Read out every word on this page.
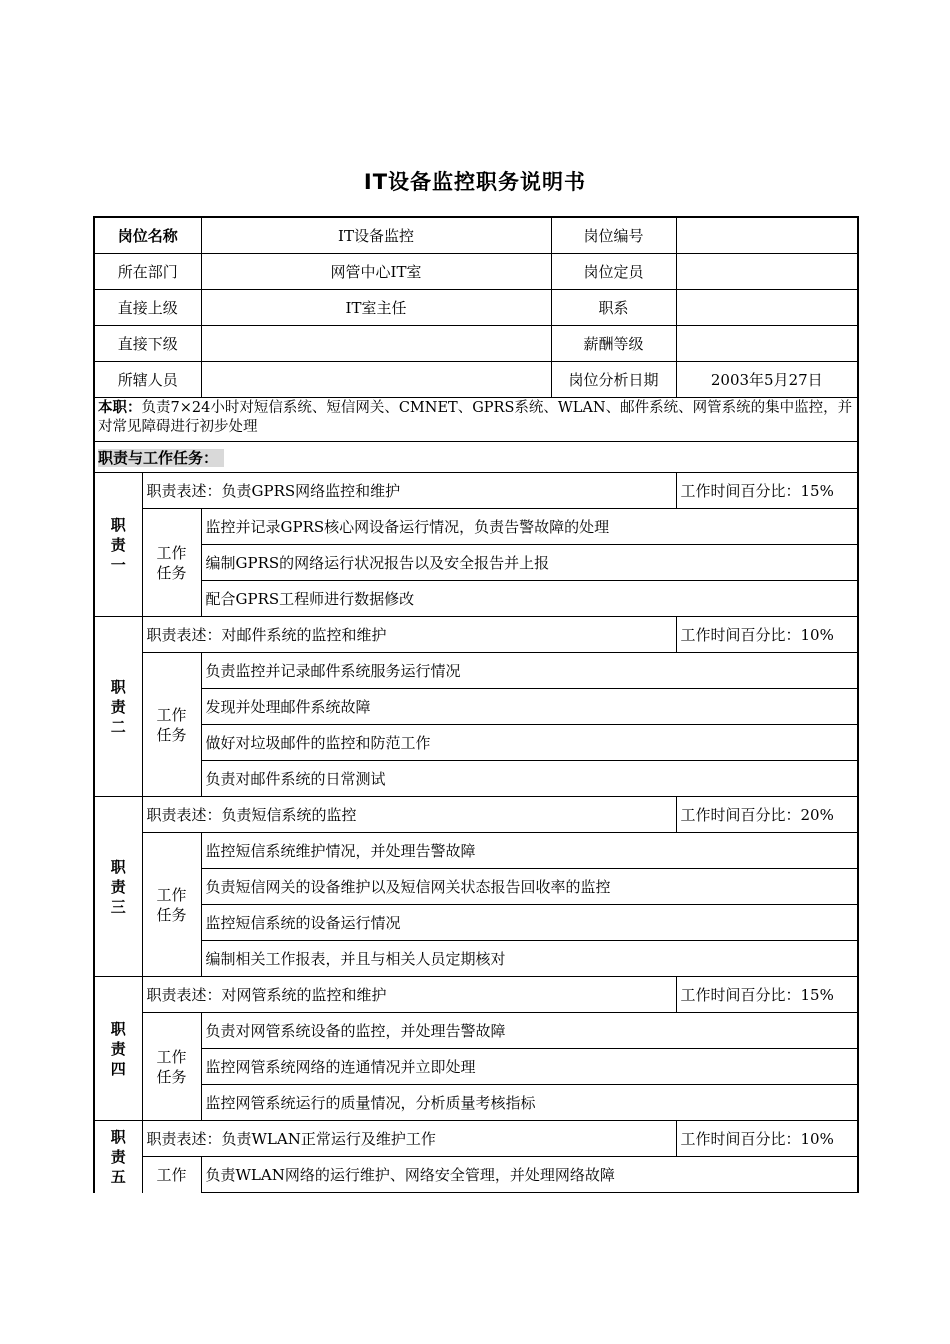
IT设备监控职务说明书
岗位名称		IT设备监控	岗位编号	
所在部门		网管中心IT室	岗位定员	
直接上级		IT室主任	职系	
直接下级			薪酬等级	
所辖人员			岗位分析日期	2003年5月27日
本职：负责7×24小时对短信系统、短信网关、CMNET、GPRS系统、WLAN、邮件系统、网管系统的集中监控，并对常见障碍进行初步处理				
职责与工作任务：				
职责一	职责表述：负责GPRS网络监控和维护			工作时间百分比：15%
	工作任务	监控并记录GPRS核心网设备运行情况，负责告警故障的处理		
		编制GPRS的网络运行状况报告以及安全报告并上报		
		配合GPRS工程师进行数据修改		
职责二	职责表述：对邮件系统的监控和维护			工作时间百分比：10%
	工作任务	负责监控并记录邮件系统服务运行情况		
		发现并处理邮件系统故障		
		做好对垃圾邮件的监控和防范工作		
		负责对邮件系统的日常测试		
职责三	职责表述：负责短信系统的监控			工作时间百分比：20%
	工作任务	监控短信系统维护情况，并处理告警故障		
		负责短信网关的设备维护以及短信网关状态报告回收率的监控		
		监控短信系统的设备运行情况		
		编制相关工作报表，并且与相关人员定期核对		
职责四	职责表述：对网管系统的监控和维护			工作时间百分比：15%
	工作任务	负责对网管系统设备的监控，并处理告警故障		
		监控网管系统网络的连通情况并立即处理		
		监控网管系统运行的质量情况，分析质量考核指标		
职责五	职责表述：负责WLAN正常运行及维护工作			工作时间百分比：10%
	工作	负责WLAN网络的运行维护、网络安全管理，并处理网络故障		
